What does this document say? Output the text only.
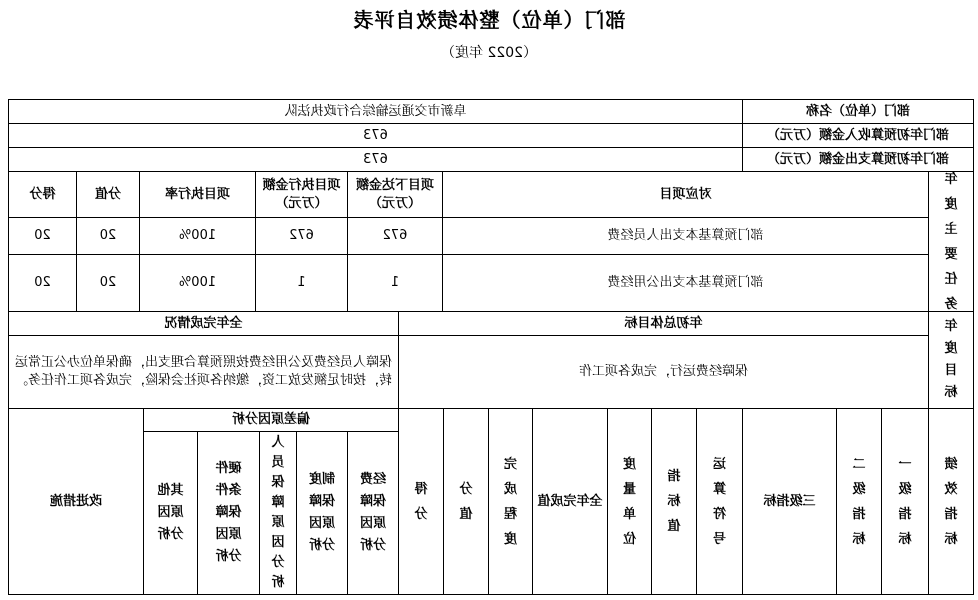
部门（单位）整体绩效自评表
（2022 年度）
部门（单位）名称
阜新市交通运输综合行政执法队
部门年初预算收入金额（万元）
673
部门年初预算支出金额（万元）
673
年度主要任务
对应项目
项目下达金额（万元）
项目执行金额（万元）
项目执行率
分值
得分
部门预算基本支出人员经费
672
672
100%
20
20
部门预算基本支出公用经费
1
1
100%
20
20
年度目标
年初总体目标
全年完成情况
保障经费运行，完成各项工作
保障人员经费及公用经费按照预算合理支出，确保单位办公正常运转，按时足额发放工资，缴纳各项社会保险，完成各项工作任务。
绩效指标
一级指标
二级指标
三级指标
运算符号
指标值
度量单位
全年完成值
完成程度
分值
得分
偏差原因分析
经费保障原因分析
制度保障原因分析
人员保障原因分析
硬件条件保障原因分析
其他原因分析
改进措施
